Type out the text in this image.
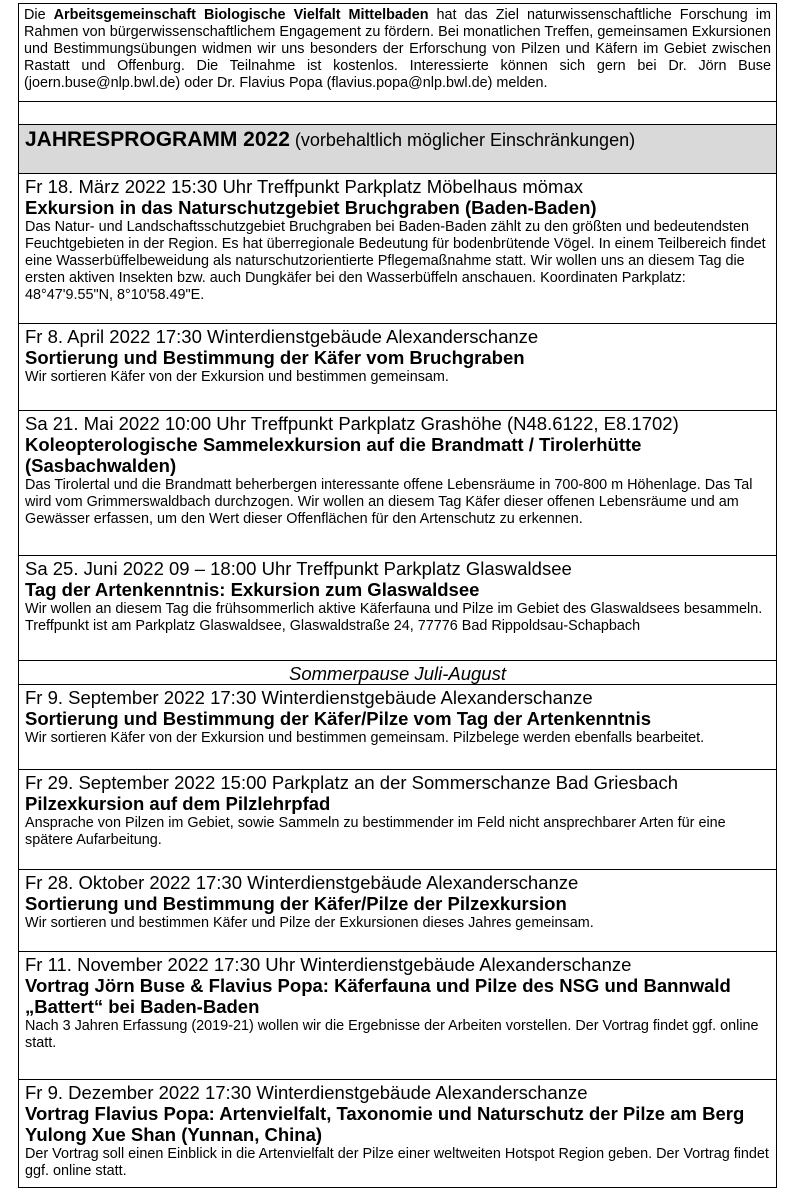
Die Arbeitsgemeinschaft Biologische Vielfalt Mittelbaden hat das Ziel naturwissenschaftliche Forschung im Rahmen von bürgerwissenschaftlichem Engagement zu fördern. Bei monatlichen Treffen, gemeinsamen Exkursionen und Bestimmungsübungen widmen wir uns besonders der Erforschung von Pilzen und Käfern im Gebiet zwischen Rastatt und Offenburg. Die Teilnahme ist kostenlos. Interessierte können sich gern bei Dr. Jörn Buse (joern.buse@nlp.bwl.de) oder Dr. Flavius Popa (flavius.popa@nlp.bwl.de) melden.
JAHRESPROGRAMM 2022 (vorbehaltlich möglicher Einschränkungen)
Fr 18. März 2022 15:30 Uhr Treffpunkt Parkplatz Möbelhaus mömax
Exkursion in das Naturschutzgebiet Bruchgraben (Baden-Baden)
Das Natur- und Landschaftsschutzgebiet Bruchgraben bei Baden-Baden zählt zu den größten und bedeutendsten Feuchtgebieten in der Region. Es hat überregionale Bedeutung für bodenbrütende Vögel. In einem Teilbereich findet eine Wasserbüffelbeweidung als naturschutzorientierte Pflegemaßnahme statt. Wir wollen uns an diesem Tag die ersten aktiven Insekten bzw. auch Dungkäfer bei den Wasserbüffeln anschauen. Koordinaten Parkplatz: 48°47'9.55"N, 8°10'58.49"E.
Fr 8. April 2022 17:30 Winterdienstgebäude Alexanderschanze
Sortierung und Bestimmung der Käfer vom Bruchgraben
Wir sortieren Käfer von der Exkursion und bestimmen gemeinsam.
Sa 21. Mai 2022 10:00 Uhr Treffpunkt Parkplatz Grashöhe (N48.6122, E8.1702)
Koleopterologische Sammelexkursion auf die Brandmatt / Tirolerhütte (Sasbachwalden)
Das Tirolertal und die Brandmatt beherbergen interessante offene Lebensräume in 700-800 m Höhenlage. Das Tal wird vom Grimmerswaldbach durchzogen. Wir wollen an diesem Tag Käfer dieser offenen Lebensräume und am Gewässer erfassen, um den Wert dieser Offenflächen für den Artenschutz zu erkennen.
Sa 25. Juni 2022 09 – 18:00 Uhr Treffpunkt Parkplatz Glaswaldsee
Tag der Artenkenntnis: Exkursion zum Glaswaldsee
Wir wollen an diesem Tag die frühsommerlich aktive Käferfauna und Pilze im Gebiet des Glaswaldsees besammeln. Treffpunkt ist am Parkplatz Glaswaldsee, Glaswaldstraße 24, 77776 Bad Rippoldsau-Schapbach
Sommerpause Juli-August
Fr 9. September 2022 17:30 Winterdienstgebäude Alexanderschanze
Sortierung und Bestimmung der Käfer/Pilze vom Tag der Artenkenntnis
Wir sortieren Käfer von der Exkursion und bestimmen gemeinsam. Pilzbelege werden ebenfalls bearbeitet.
Fr 29. September 2022 15:00 Parkplatz an der Sommerschanze Bad Griesbach
Pilzexkursion auf dem Pilzlehrpfad
Ansprache von Pilzen im Gebiet, sowie Sammeln zu bestimmender im Feld nicht ansprechbarer Arten für eine spätere Aufarbeitung.
Fr 28. Oktober 2022 17:30 Winterdienstgebäude Alexanderschanze
Sortierung und Bestimmung der Käfer/Pilze der Pilzexkursion
Wir sortieren und bestimmen Käfer und Pilze der Exkursionen dieses Jahres gemeinsam.
Fr 11. November 2022 17:30 Uhr Winterdienstgebäude Alexanderschanze
Vortrag Jörn Buse & Flavius Popa: Käferfauna und Pilze des NSG und Bannwald „Battert“ bei Baden-Baden
Nach 3 Jahren Erfassung (2019-21) wollen wir die Ergebnisse der Arbeiten vorstellen. Der Vortrag findet ggf. online statt.
Fr 9. Dezember 2022 17:30 Winterdienstgebäude Alexanderschanze
Vortrag Flavius Popa: Artenvielfalt, Taxonomie und Naturschutz der Pilze am Berg Yulong Xue Shan (Yunnan, China)
Der Vortrag soll einen Einblick in die Artenvielfalt der Pilze einer weltweiten Hotspot Region geben. Der Vortrag findet ggf. online statt.
